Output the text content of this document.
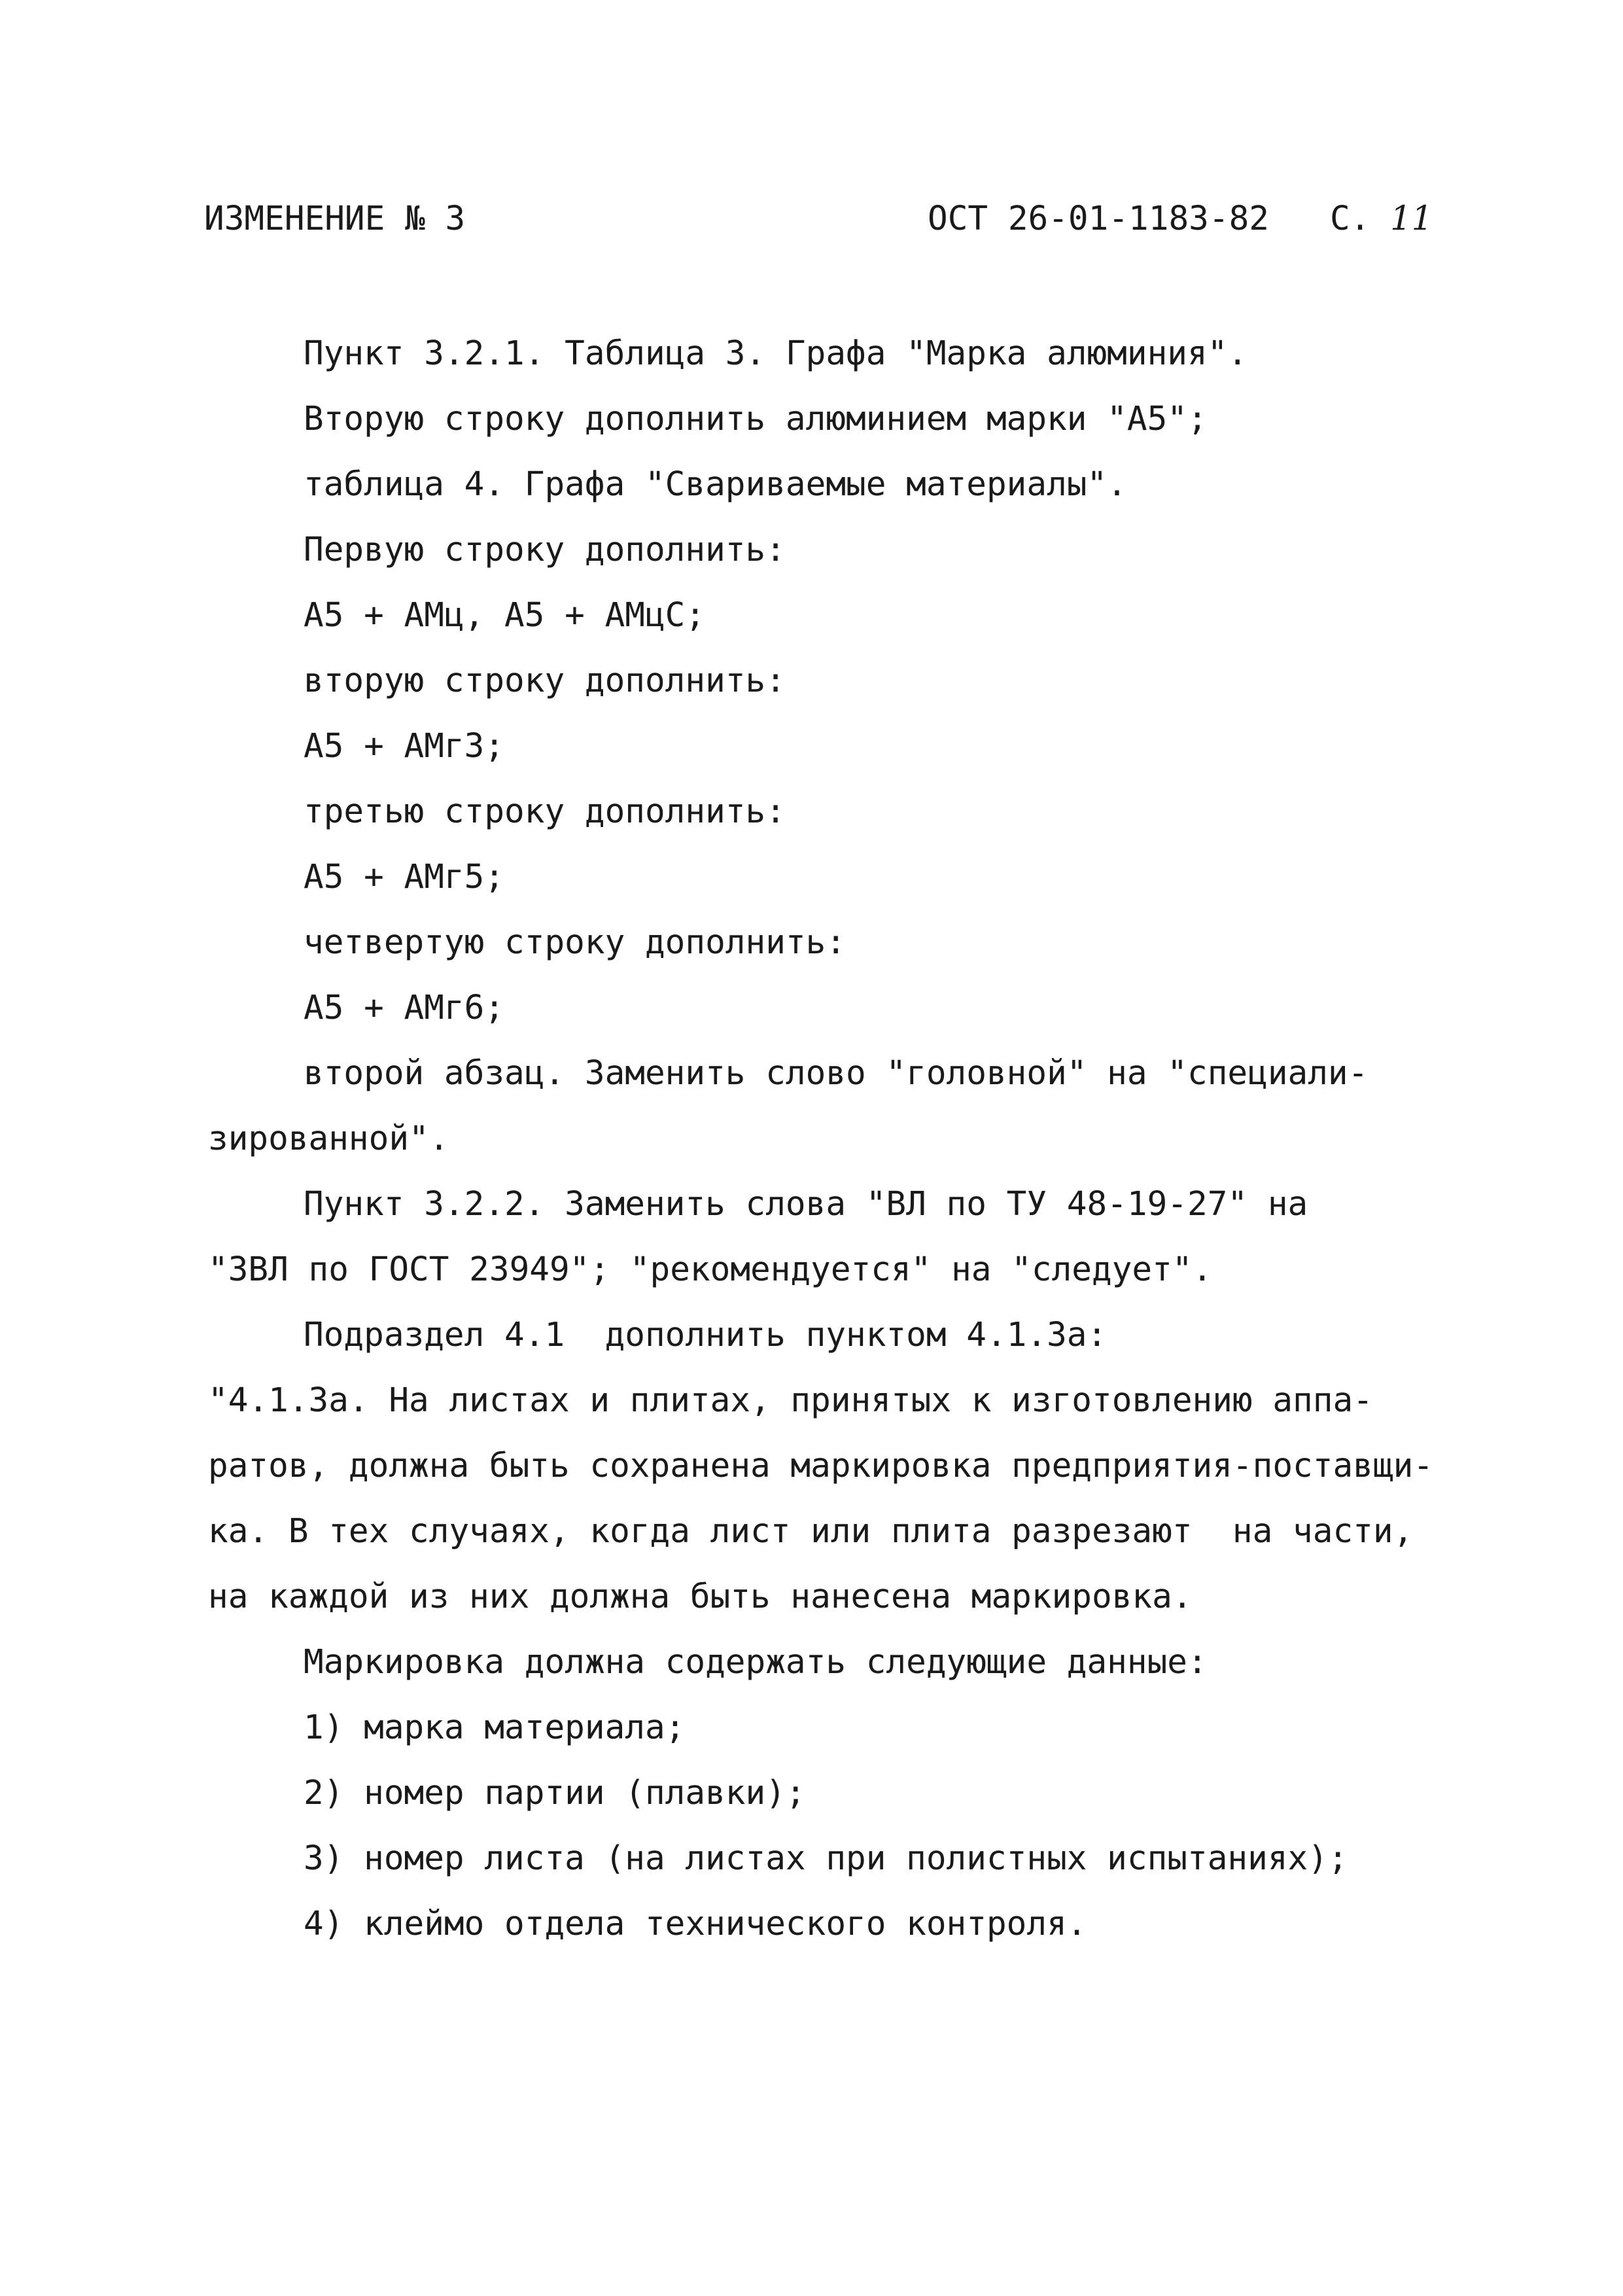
ИЗМЕНЕНИЕ № 3	ОСТ 26-01-1183-82 С. 11
Пункт 3.2.1. Таблица 3. Графа "Марка алюминия".
Вторую строку дополнить алюминием марки "А5";
таблица 4. Графа "Свариваемые материалы".
Первую строку дополнить:
А5 + АМц, А5 + АМцС;
вторую строку дополнить:
А5 + АМг3;
третью строку дополнить:
А5 + АМг5;
четвертую строку дополнить:
А5 + АМг6;
второй абзац. Заменить слово "головной" на "специали-
зированной".
Пункт 3.2.2. Заменить слова "ВЛ по ТУ 48-19-27" на
"ЗВЛ по ГОСТ 23949"; "рекомендуется" на "следует".
Подраздел 4.1  дополнить пунктом 4.1.3а:
"4.1.3а. На листах и плитах, принятых к изготовлению аппа-
ратов, должна быть сохранена маркировка предприятия-поставщи-
ка. В тех случаях, когда лист или плита разрезают  на части,
на каждой из них должна быть нанесена маркировка.
Маркировка должна содержать следующие данные:
1) марка материала;
2) номер партии (плавки);
3) номер листа (на листах при полистных испытаниях);
4) клеймо отдела технического контроля.
